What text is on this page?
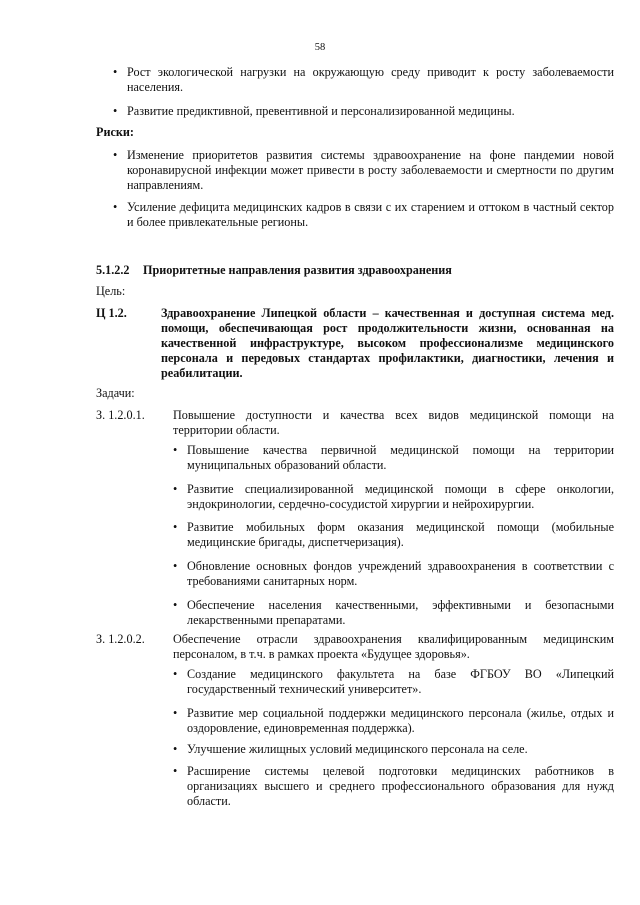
58
• Рост экологической нагрузки на окружающую среду приводит к росту заболеваемости населения.
• Развитие предиктивной, превентивной и персонализированной медицины.
Риски:
• Изменение приоритетов развития системы здравоохранение на фоне пандемии новой коронавирусной инфекции может привести в росту заболеваемости и смертности по другим направлениям.
• Усиление дефицита медицинских кадров в связи с их старением и оттоком в частный сектор и более привлекательные регионы.
5.1.2.2 Приоритетные направления развития здравоохранения
Цель:
Ц 1.2.	Здравоохранение Липецкой области – качественная и доступная система мед. помощи, обеспечивающая рост продолжительности жизни, основанная на качественной инфраструктуре, высоком профессионализме медицинского персонала и передовых стандартах профилактики, диагностики, лечения и реабилитации.
Задачи:
З. 1.2.0.1. Повышение доступности и качества всех видов медицинской помощи на территории области.
• Повышение качества первичной медицинской помощи на территории муниципальных образований области.
• Развитие специализированной медицинской помощи в сфере онкологии, эндокринологии, сердечно-сосудистой хирургии и нейрохирургии.
• Развитие мобильных форм оказания медицинской помощи (мобильные медицинские бригады, диспетчеризация).
• Обновление основных фондов учреждений здравоохранения в соответствии с требованиями санитарных норм.
• Обеспечение населения качественными, эффективными и безопасными лекарственными препаратами.
З. 1.2.0.2. Обеспечение отрасли здравоохранения квалифицированным медицинским персоналом, в т.ч. в рамках проекта «Будущее здоровья».
• Создание медицинского факультета на базе ФГБОУ ВО «Липецкий государственный технический университет».
• Развитие мер социальной поддержки медицинского персонала (жилье, отдых и оздоровление, единовременная поддержка).
• Улучшение жилищных условий медицинского персонала на селе.
• Расширение системы целевой подготовки медицинских работников в организациях высшего и среднего профессионального образования для нужд области.
